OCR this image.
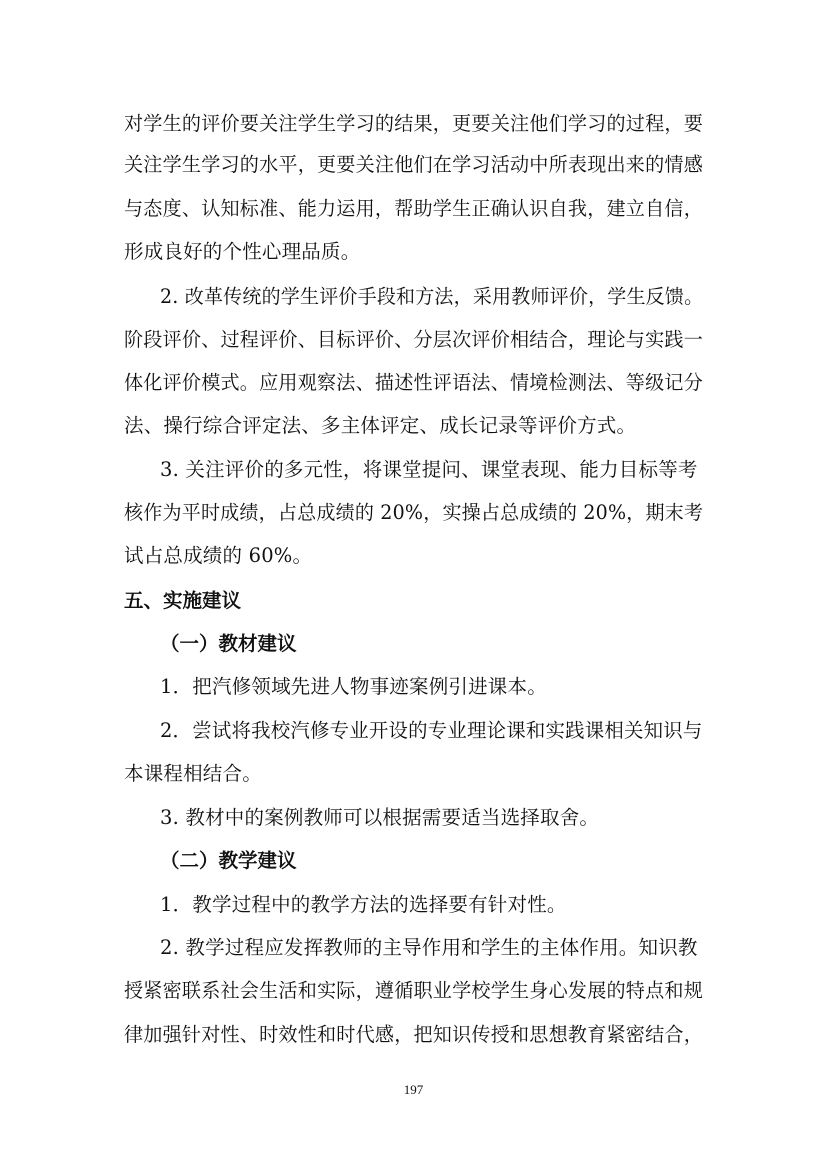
对学生的评价要关注学生学习的结果，更要关注他们学习的过程，要
关注学生学习的水平，更要关注他们在学习活动中所表现出来的情感
与态度、认知标准、能力运用，帮助学生正确认识自我，建立自信，
形成良好的个性心理品质。
2. 改革传统的学生评价手段和方法，采用教师评价，学生反馈。
阶段评价、过程评价、目标评价、分层次评价相结合，理论与实践一
体化评价模式。应用观察法、描述性评语法、情境检测法、等级记分
法、操行综合评定法、多主体评定、成长记录等评价方式。
3. 关注评价的多元性，将课堂提问、课堂表现、能力目标等考
核作为平时成绩，占总成绩的 20%，实操占总成绩的 20%，期末考
试占总成绩的 60%。
五、实施建议
（一）教材建议
1．把汽修领域先进人物事迹案例引进课本。
2．尝试将我校汽修专业开设的专业理论课和实践课相关知识与
本课程相结合。
3. 教材中的案例教师可以根据需要适当选择取舍。
（二）教学建议
1．教学过程中的教学方法的选择要有针对性。
2. 教学过程应发挥教师的主导作用和学生的主体作用。知识教
授紧密联系社会生活和实际，遵循职业学校学生身心发展的特点和规
律加强针对性、时效性和时代感，把知识传授和思想教育紧密结合，
197
